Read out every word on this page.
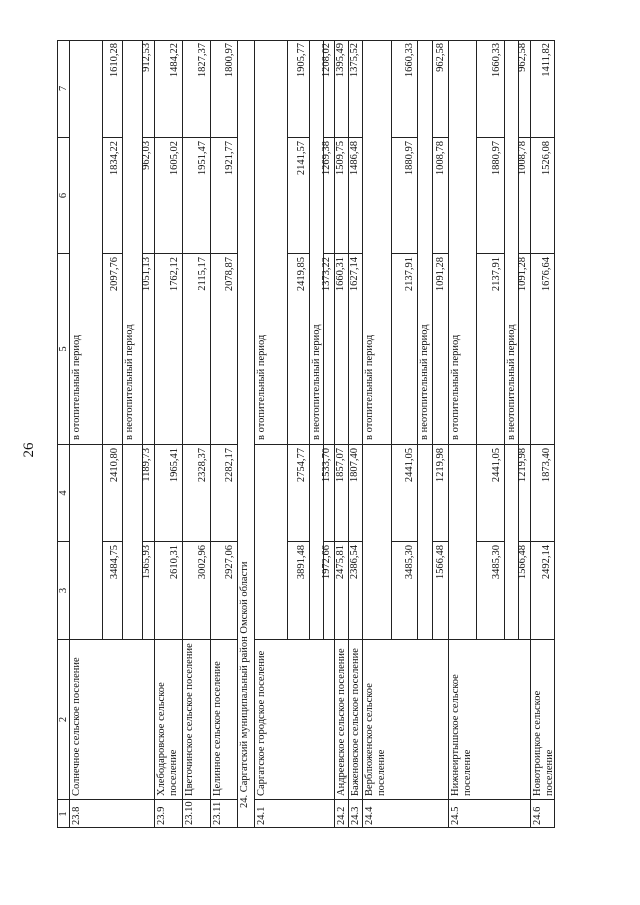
26
1
2
3
4
5
6
7
23.8
Солнечное сельское поселение
в отопительный период
3484,75
2410,80
2097,76
1834,22
1610,28
в неотопительный период
1565,93
1189,73
1051,13
962,03
912,53
23.9
Хлебодаровское сельское поселение
2610,31
1965,41
1762,12
1605,02
1484,22
23.10
Цветочинское сельское поселение
3002,96
2328,37
2115,17
1951,47
1827,37
23.11
Целинное сельское поселение
2927,06
2282,17
2078,87
1921,77
1800,97
24. Саргатский муниципальный район Омской области
24.1
Саргатское городское поселение
в отопительный период
3891,48
2754,77
2419,85
2141,57
1905,77
в неотопительный период
1972,66
1533,70
1373,22
1269,38
1208,02
24.2
Андреевское сельское поселение
2475,81
1857,07
1660,31
1509,75
1395,49
24.3
Баженовское сельское поселение
2386,54
1807,40
1627,14
1486,48
1375,52
24.4
Верблюженское сельское поселение
в отопительный период
3485,30
2441,05
2137,91
1880,97
1660,33
в неотопительный период
1566,48
1219,98
1091,28
1008,78
962,58
24.5
Нижнеиртышское сельское поселение
в отопительный период
3485,30
2441,05
2137,91
1880,97
1660,33
в неотопительный период
1566,48
1219,98
1091,28
1008,78
962,58
24.6
Новотроицкое сельское поселение
2492,14
1873,40
1676,64
1526,08
1411,82
